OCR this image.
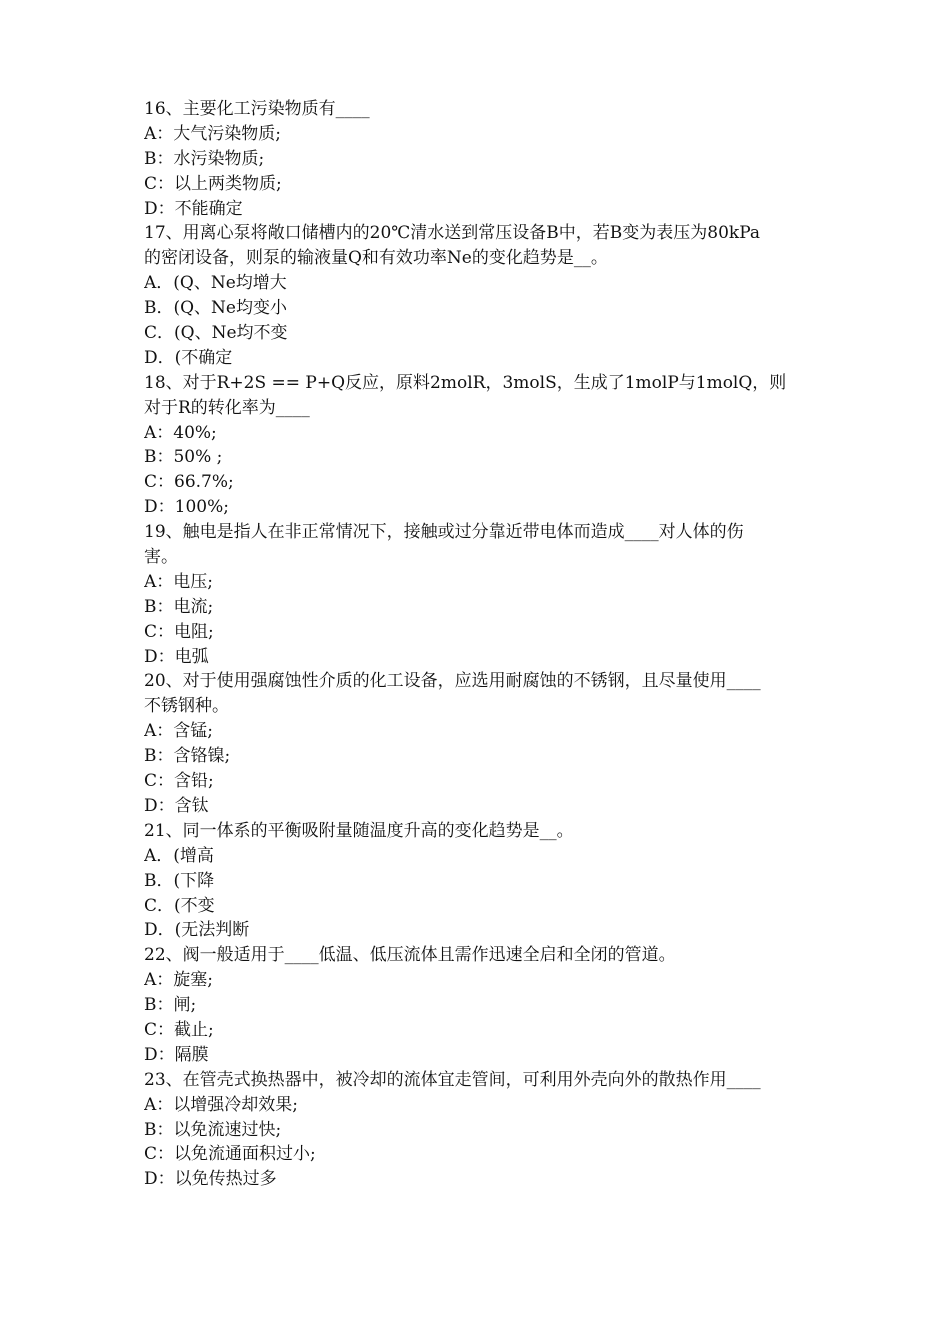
16、主要化工污染物质有____
A：大气污染物质;
B：水污染物质;
C：以上两类物质;
D：不能确定
17、用离心泵将敞口储槽内的20℃清水送到常压设备B中，若B变为表压为80kPa
的密闭设备，则泵的输液量Q和有效功率Ne的变化趋势是__。
A．(Q、Ne均增大
B．(Q、Ne均变小
C．(Q、Ne均不变
D．(不确定
18、对于R+2S == P+Q反应，原料2molR，3molS，生成了1molP与1molQ，则
对于R的转化率为____
A：40%;
B：50% ;
C：66.7%;
D：100%;
19、触电是指人在非正常情况下，接触或过分靠近带电体而造成____对人体的伤
害。
A：电压;
B：电流;
C：电阻;
D：电弧
20、对于使用强腐蚀性介质的化工设备，应选用耐腐蚀的不锈钢，且尽量使用____
不锈钢种。
A：含锰;
B：含铬镍;
C：含铅;
D：含钛
21、同一体系的平衡吸附量随温度升高的变化趋势是__。
A．(增高
B．(下降
C．(不变
D．(无法判断
22、阀一般适用于____低温、低压流体且需作迅速全启和全闭的管道。
A：旋塞;
B：闸;
C：截止;
D：隔膜
23、在管壳式换热器中，被冷却的流体宜走管间，可利用外壳向外的散热作用____
A：以增强冷却效果;
B：以免流速过快;
C：以免流通面积过小;
D：以免传热过多
